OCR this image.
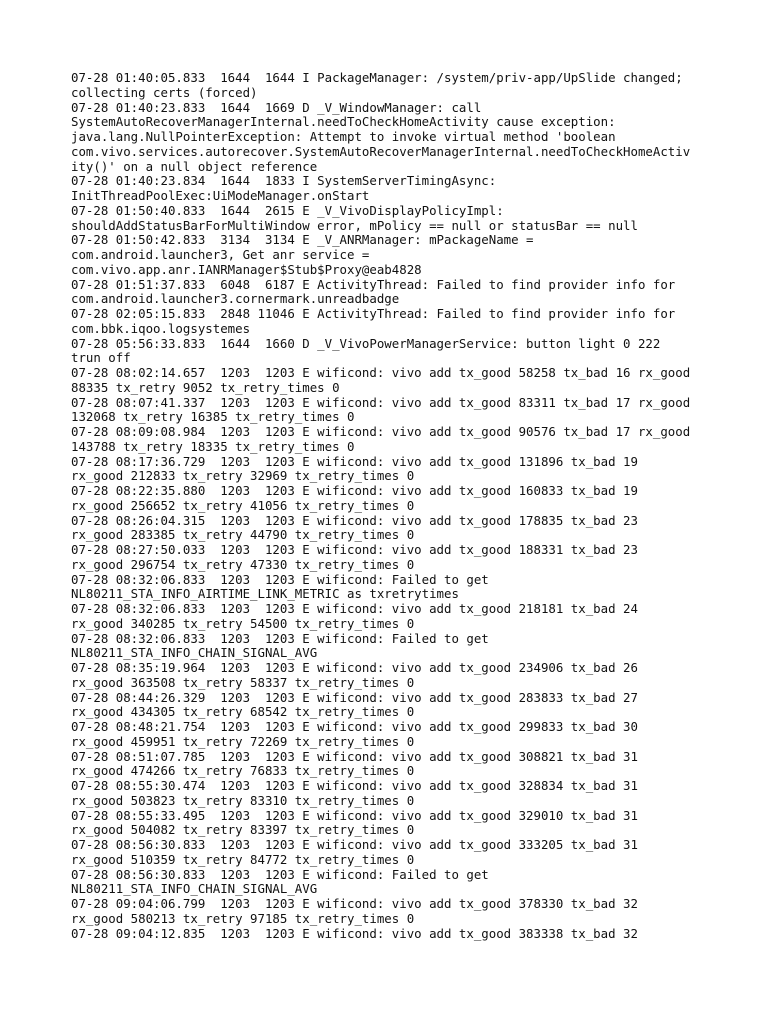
07-28 01:40:05.833  1644  1644 I PackageManager: /system/priv-app/UpSlide changed;
collecting certs (forced)
07-28 01:40:23.833  1644  1669 D _V_WindowManager: call
SystemAutoRecoverManagerInternal.needToCheckHomeActivity cause exception:
java.lang.NullPointerException: Attempt to invoke virtual method 'boolean
com.vivo.services.autorecover.SystemAutoRecoverManagerInternal.needToCheckHomeActiv
ity()' on a null object reference
07-28 01:40:23.834  1644  1833 I SystemServerTimingAsync:
InitThreadPoolExec:UiModeManager.onStart
07-28 01:50:40.833  1644  2615 E _V_VivoDisplayPolicyImpl:
shouldAddStatusBarForMultiWindow error, mPolicy == null or statusBar == null
07-28 01:50:42.833  3134  3134 E _V_ANRManager: mPackageName =
com.android.launcher3, Get anr service =
com.vivo.app.anr.IANRManager$Stub$Proxy@eab4828
07-28 01:51:37.833  6048  6187 E ActivityThread: Failed to find provider info for
com.android.launcher3.cornermark.unreadbadge
07-28 02:05:15.833  2848 11046 E ActivityThread: Failed to find provider info for
com.bbk.iqoo.logsystemes
07-28 05:56:33.833  1644  1660 D _V_VivoPowerManagerService: button light 0 222
trun off
07-28 08:02:14.657  1203  1203 E wificond: vivo add tx_good 58258 tx_bad 16 rx_good
88335 tx_retry 9052 tx_retry_times 0
07-28 08:07:41.337  1203  1203 E wificond: vivo add tx_good 83311 tx_bad 17 rx_good
132068 tx_retry 16385 tx_retry_times 0
07-28 08:09:08.984  1203  1203 E wificond: vivo add tx_good 90576 tx_bad 17 rx_good
143788 tx_retry 18335 tx_retry_times 0
07-28 08:17:36.729  1203  1203 E wificond: vivo add tx_good 131896 tx_bad 19
rx_good 212833 tx_retry 32969 tx_retry_times 0
07-28 08:22:35.880  1203  1203 E wificond: vivo add tx_good 160833 tx_bad 19
rx_good 256652 tx_retry 41056 tx_retry_times 0
07-28 08:26:04.315  1203  1203 E wificond: vivo add tx_good 178835 tx_bad 23
rx_good 283385 tx_retry 44790 tx_retry_times 0
07-28 08:27:50.033  1203  1203 E wificond: vivo add tx_good 188331 tx_bad 23
rx_good 296754 tx_retry 47330 tx_retry_times 0
07-28 08:32:06.833  1203  1203 E wificond: Failed to get
NL80211_STA_INFO_AIRTIME_LINK_METRIC as txretrytimes
07-28 08:32:06.833  1203  1203 E wificond: vivo add tx_good 218181 tx_bad 24
rx_good 340285 tx_retry 54500 tx_retry_times 0
07-28 08:32:06.833  1203  1203 E wificond: Failed to get
NL80211_STA_INFO_CHAIN_SIGNAL_AVG
07-28 08:35:19.964  1203  1203 E wificond: vivo add tx_good 234906 tx_bad 26
rx_good 363508 tx_retry 58337 tx_retry_times 0
07-28 08:44:26.329  1203  1203 E wificond: vivo add tx_good 283833 tx_bad 27
rx_good 434305 tx_retry 68542 tx_retry_times 0
07-28 08:48:21.754  1203  1203 E wificond: vivo add tx_good 299833 tx_bad 30
rx_good 459951 tx_retry 72269 tx_retry_times 0
07-28 08:51:07.785  1203  1203 E wificond: vivo add tx_good 308821 tx_bad 31
rx_good 474266 tx_retry 76833 tx_retry_times 0
07-28 08:55:30.474  1203  1203 E wificond: vivo add tx_good 328834 tx_bad 31
rx_good 503823 tx_retry 83310 tx_retry_times 0
07-28 08:55:33.495  1203  1203 E wificond: vivo add tx_good 329010 tx_bad 31
rx_good 504082 tx_retry 83397 tx_retry_times 0
07-28 08:56:30.833  1203  1203 E wificond: vivo add tx_good 333205 tx_bad 31
rx_good 510359 tx_retry 84772 tx_retry_times 0
07-28 08:56:30.833  1203  1203 E wificond: Failed to get
NL80211_STA_INFO_CHAIN_SIGNAL_AVG
07-28 09:04:06.799  1203  1203 E wificond: vivo add tx_good 378330 tx_bad 32
rx_good 580213 tx_retry 97185 tx_retry_times 0
07-28 09:04:12.835  1203  1203 E wificond: vivo add tx_good 383338 tx_bad 32
